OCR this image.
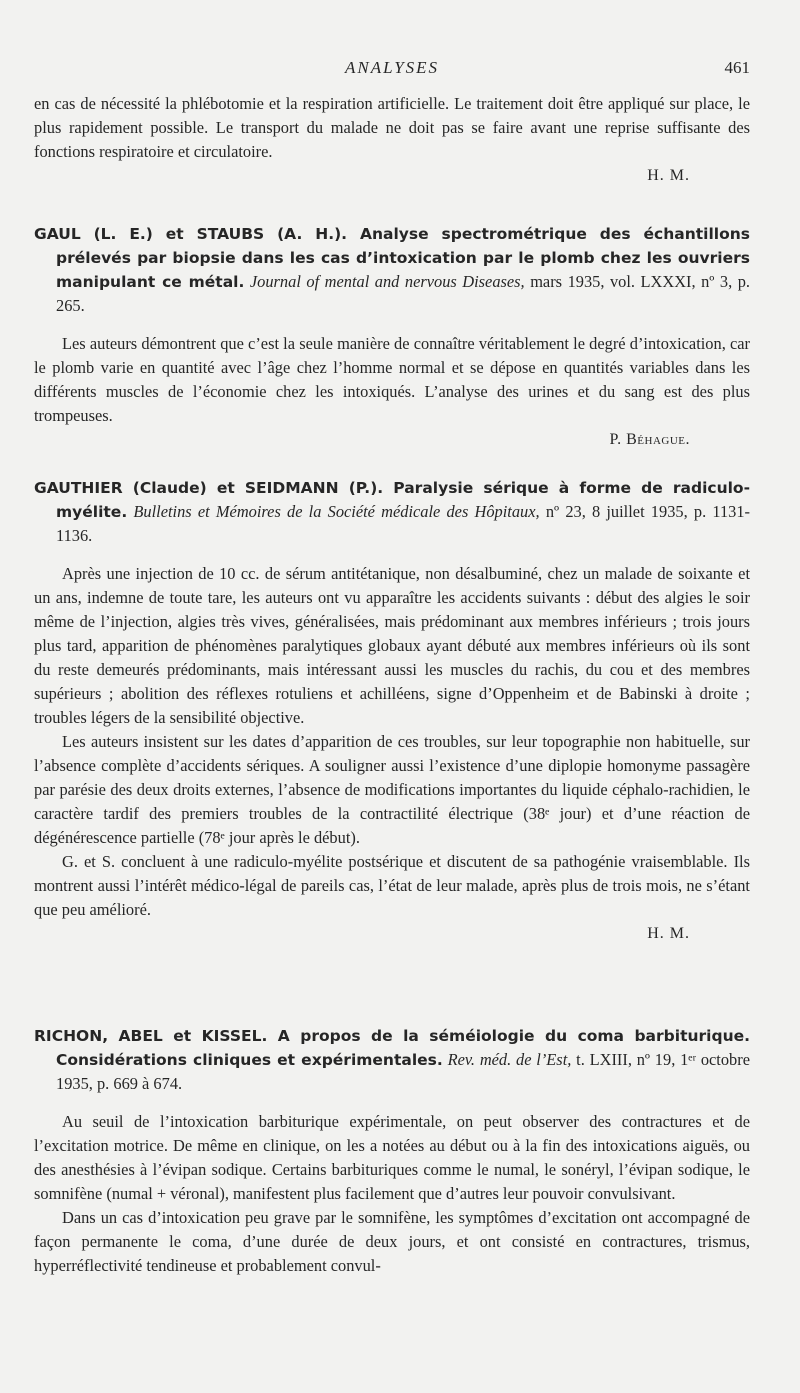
ANALYSES	461

en cas de nécessité la phlébotomie et la respiration artificielle. Le traitement doit être appliqué sur place, le plus rapidement possible. Le transport du malade ne doit pas se faire avant une reprise suffisante des fonctions respiratoire et circulatoire.

H. M.
GAUL (L. E.) et STAUBS (A. H.). Analyse spectrométrique des échantillons prélevés par biopsie dans les cas d’intoxication par le plomb chez les ouvriers manipulant ce métal. Journal of mental and nervous Diseases, mars 1935, vol. LXXXI, nº 3, p. 265.

Les auteurs démontrent que c’est la seule manière de connaître véritablement le degré d’intoxication, car le plomb varie en quantité avec l’âge chez l’homme normal et se dépose en quantités variables dans les différents muscles de l’économie chez les intoxiqués. L’analyse des urines et du sang est des plus trompeuses.

P. Béhague.
GAUTHIER (Claude) et SEIDMANN (P.). Paralysie sérique à forme de radiculo-myélite. Bulletins et Mémoires de la Société médicale des Hôpitaux, nº 23, 8 juillet 1935, p. 1131-1136.

Après une injection de 10 cc. de sérum antitétanique, non désalbuminé, chez un malade de soixante et un ans, indemne de toute tare, les auteurs ont vu apparaître les accidents suivants : début des algies le soir même de l’injection, algies très vives, généralisées, mais prédominant aux membres inférieurs ; trois jours plus tard, apparition de phénomènes paralytiques globaux ayant débuté aux membres inférieurs où ils sont du reste demeurés prédominants, mais intéressant aussi les muscles du rachis, du cou et des membres supérieurs ; abolition des réflexes rotuliens et achilléens, signe d’Oppenheim et de Babinski à droite ; troubles légers de la sensibilité objective.

Les auteurs insistent sur les dates d’apparition de ces troubles, sur leur topographie non habituelle, sur l’absence complète d’accidents sériques. A souligner aussi l’existence d’une diplopie homonyme passagère par parésie des deux droits externes, l’absence de modifications importantes du liquide céphalo-rachidien, le caractère tardif des premiers troubles de la contractilité électrique (38ᵉ jour) et d’une réaction de dégénérescence partielle (78ᵉ jour après le début).

G. et S. concluent à une radiculo-myélite postsérique et discutent de sa pathogénie vraisemblable. Ils montrent aussi l’intérêt médico-légal de pareils cas, l’état de leur malade, après plus de trois mois, ne s’étant que peu amélioré.

H. M.
RICHON, ABEL et KISSEL. A propos de la séméiologie du coma barbiturique. Considérations cliniques et expérimentales. Rev. méd. de l’Est, t. LXIII, nº 19, 1ᵉʳ octobre 1935, p. 669 à 674.

Au seuil de l’intoxication barbiturique expérimentale, on peut observer des contractures et de l’excitation motrice. De même en clinique, on les a notées au début ou à la fin des intoxications aiguës, ou des anesthésies à l’évipan sodique. Certains barbituriques comme le numal, le sonéryl, l’évipan sodique, le somnifène (numal + véronal), manifestent plus facilement que d’autres leur pouvoir convulsivant.

Dans un cas d’intoxication peu grave par le somnifène, les symptômes d’excitation ont accompagné de façon permanente le coma, d’une durée de deux jours, et ont consisté en contractures, trismus, hyperréflectivité tendineuse et probablement convul-
